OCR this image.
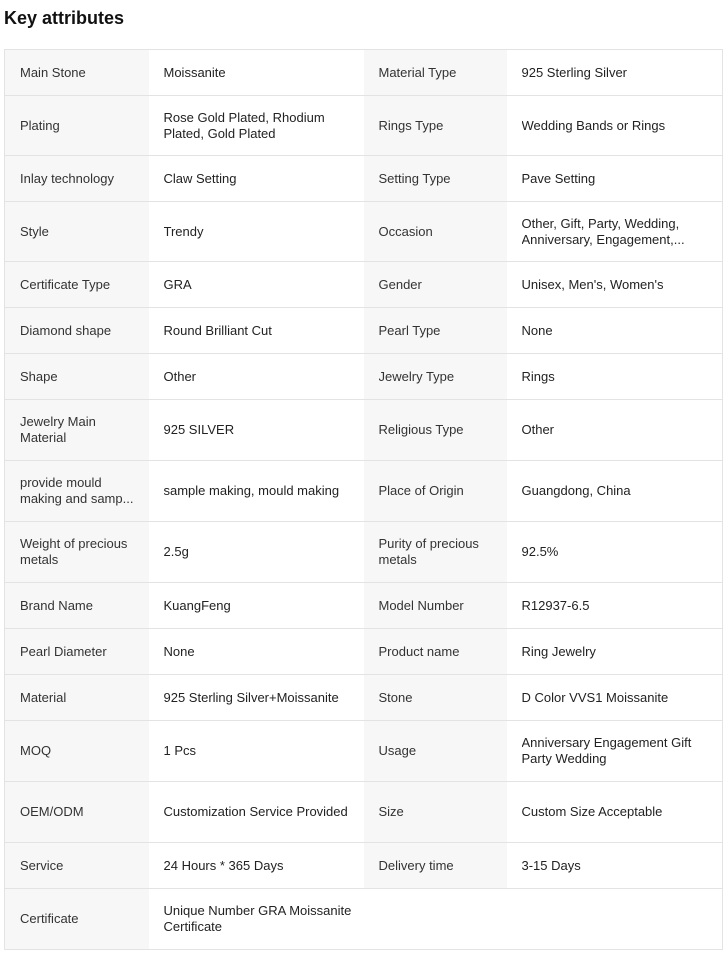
Key attributes
Main Stone	Moissanite	Material Type	925 Sterling Silver

Plating	Rose Gold Plated, Rhodium Plated, Gold Plated	Rings Type	Wedding Bands or Rings

Inlay technology	Claw Setting	Setting Type	Pave Setting

Style	Trendy	Occasion	Other, Gift, Party, Wedding, Anniversary, Engagement,...

Certificate Type	GRA	Gender	Unisex, Men's, Women's

Diamond shape	Round Brilliant Cut	Pearl Type	None

Shape	Other	Jewelry Type	Rings

Jewelry Main Material	925 SILVER	Religious Type	Other

provide mould making and samp...	sample making, mould making	Place of Origin	Guangdong, China

Weight of precious metals	2.5g	Purity of precious metals	92.5%

Brand Name	KuangFeng	Model Number	R12937-6.5

Pearl Diameter	None	Product name	Ring Jewelry

Material	925 Sterling Silver+Moissanite	Stone	D Color VVS1 Moissanite

MOQ	1 Pcs	Usage	Anniversary Engagement Gift Party Wedding

OEM/ODM	Customization Service Provided	Size	Custom Size Acceptable

Service	24 Hours * 365 Days	Delivery time	3-15 Days

Certificate	Unique Number GRA Moissanite Certificate		
